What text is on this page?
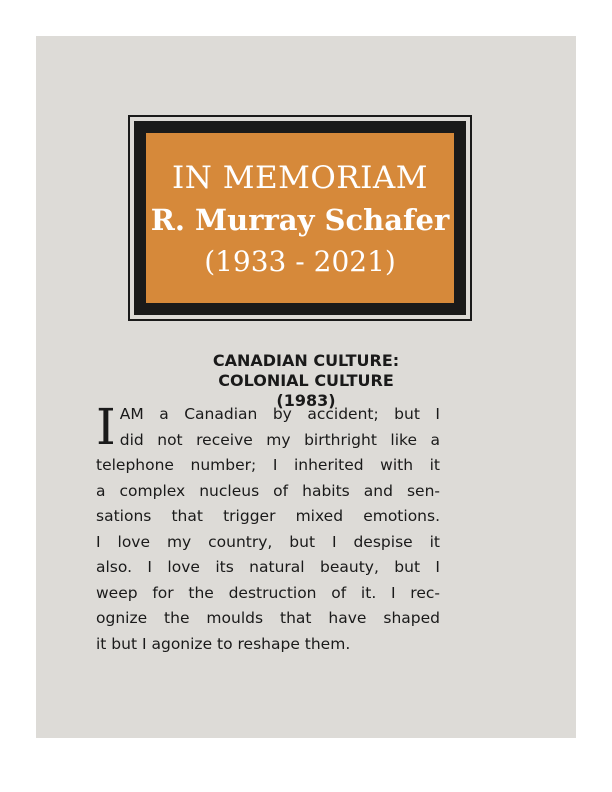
IN MEMORIAM
R. Murray Schafer
(1933 - 2021)
CANADIAN CULTURE:
COLONIAL CULTURE
(1983)
I AM a Canadian by accident; but I
did not receive my birthright like a
telephone number; I inherited with it
a complex nucleus of habits and sen-
sations that trigger mixed emotions.
I love my country, but I despise it
also. I love its natural beauty, but I
weep for the destruction of it. I rec-
ognize the moulds that have shaped
it but I agonize to reshape them.
